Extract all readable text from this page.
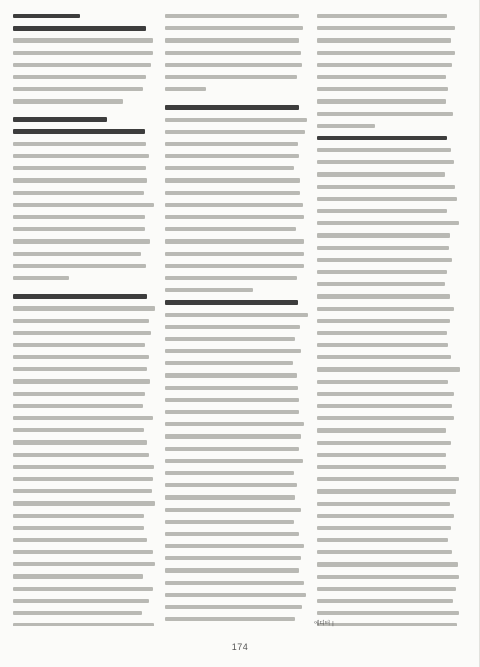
에디터 |
174
